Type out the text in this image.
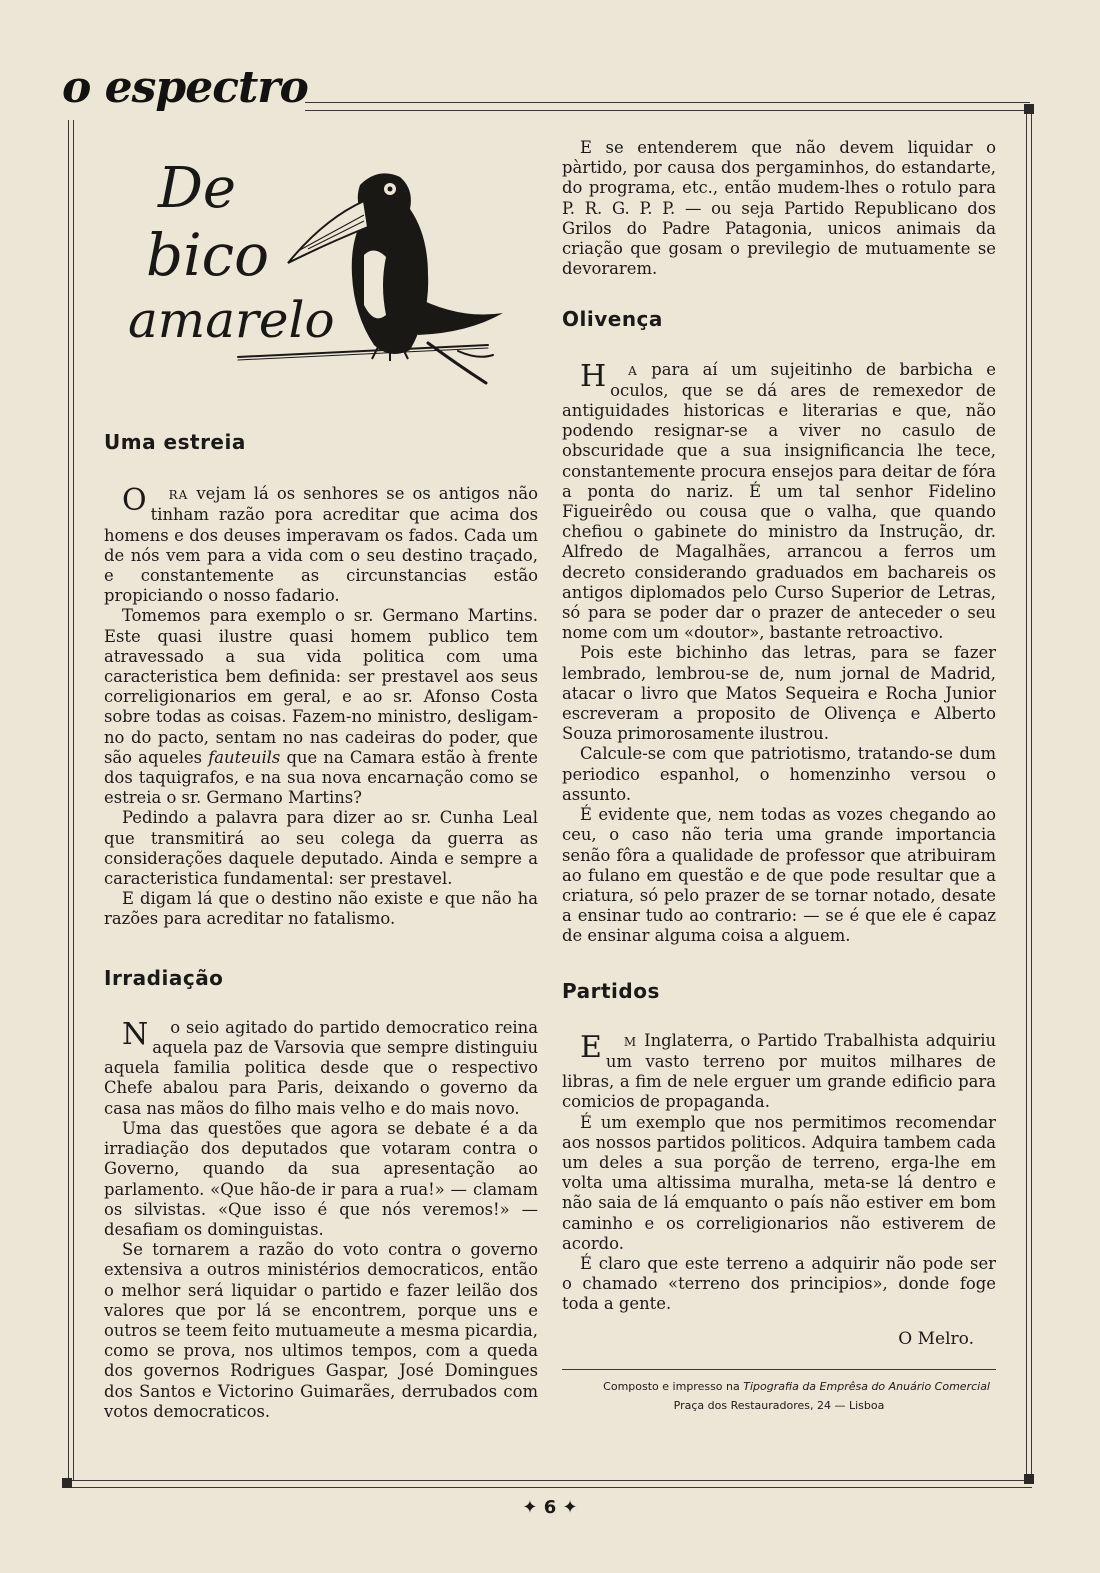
o espectro
De
bico
amarelo
Uma estreia

O RA vejam lá os senhores se os antigos não tinham razão pora acreditar que acima dos homens e dos deuses imperavam os fados. Cada um de nós vem para a vida com o seu destino traçado, e constantemente as circunstancias estão propiciando o nosso fadario.

Tomemos para exemplo o sr. Germano Martins. Este quasi ilustre quasi homem publico tem atravessado a sua vida politica com uma caracteristica bem definida: ser prestavel aos seus correligionarios em geral, e ao sr. Afonso Costa sobre todas as coisas. Fazem-no ministro, desligam-no do pacto, sentam no nas cadeiras do poder, que são aqueles fauteuils que na Camara estão à frente dos taquigrafos, e na sua nova encarnação como se estreia o sr. Germano Martins?

Pedindo a palavra para dizer ao sr. Cunha Leal que transmitirá ao seu colega da guerra as considerações daquele deputado. Ainda e sempre a caracteristica fundamental: ser prestavel.

E digam lá que o destino não existe e que não ha razões para acreditar no fatalismo.

Irradiação

N o seio agitado do partido democratico reina aquela paz de Varsovia que sempre distinguiu aquela familia politica desde que o respectivo Chefe abalou para Paris, deixando o governo da casa nas mãos do filho mais velho e do mais novo.

Uma das questões que agora se debate é a da irradiação dos deputados que votaram contra o Governo, quando da sua apresentação ao parlamento. «Que hão-de ir para a rua!» — clamam os silvistas. «Que isso é que nós veremos!» — desafiam os dominguistas.

Se tornarem a razão do voto contra o governo extensiva a outros ministérios democraticos, então o melhor será liquidar o partido e fazer leilão dos valores que por lá se encontrem, porque uns e outros se teem feito mutuameute a mesma picardia, como se prova, nos ultimos tempos, com a queda dos governos Rodrigues Gaspar, José Domingues dos Santos e Victorino Guimarães, derrubados com votos democraticos.

E se entenderem que não devem liquidar o pàrtido, por causa dos pergaminhos, do estandarte, do programa, etc., então mudem-lhes o rotulo para P. R. G. P. P. — ou seja Partido Republicano dos Grilos do Padre Patagonia, unicos animais da criação que gosam o previlegio de mutuamente se devorarem.

Olivença

H A para aí um sujeitinho de barbicha e oculos, que se dá ares de remexedor de antiguidades historicas e literarias e que, não podendo resignar-se a viver no casulo de obscuridade que a sua insignificancia lhe tece, constantemente procura ensejos para deitar de fóra a ponta do nariz. É um tal senhor Fidelino Figueirêdo ou cousa que o valha, que quando chefiou o gabinete do ministro da Instrução, dr. Alfredo de Magalhães, arrancou a ferros um decreto considerando graduados em bachareis os antigos diplomados pelo Curso Superior de Letras, só para se poder dar o prazer de anteceder o seu nome com um «doutor», bastante retroactivo.

Pois este bichinho das letras, para se fazer lembrado, lembrou-se de, num jornal de Madrid, atacar o livro que Matos Sequeira e Rocha Junior escreveram a proposito de Olivença e Alberto Souza primorosamente ilustrou.

Calcule-se com que patriotismo, tratando-se dum periodico espanhol, o homenzinho versou o assunto.

É evidente que, nem todas as vozes chegando ao ceu, o caso não teria uma grande importancia senão fôra a qualidade de professor que atribuiram ao fulano em questão e de que pode resultar que a criatura, só pelo prazer de se tornar notado, desate a ensinar tudo ao contrario: — se é que ele é capaz de ensinar alguma coisa a alguem.

Partidos

E M Inglaterra, o Partido Trabalhista adquiriu um vasto terreno por muitos milhares de libras, a fim de nele erguer um grande edificio para comicios de propaganda.

É um exemplo que nos permitimos recomendar aos nossos partidos politicos. Adquira tambem cada um deles a sua porção de terreno, erga-lhe em volta uma altissima muralha, meta-se lá dentro e não saia de lá emquanto o país não estiver em bom caminho e os correligionarios não estiverem de acordo.

É claro que este terreno a adquirir não pode ser o chamado «terreno dos principios», donde foge toda a gente.

O Melro.
Composto e impresso na Tipografia da Emprêsa do Anuário Comercial
Praça dos Restauradores, 24 — Lisboa
✦ 6 ✦
